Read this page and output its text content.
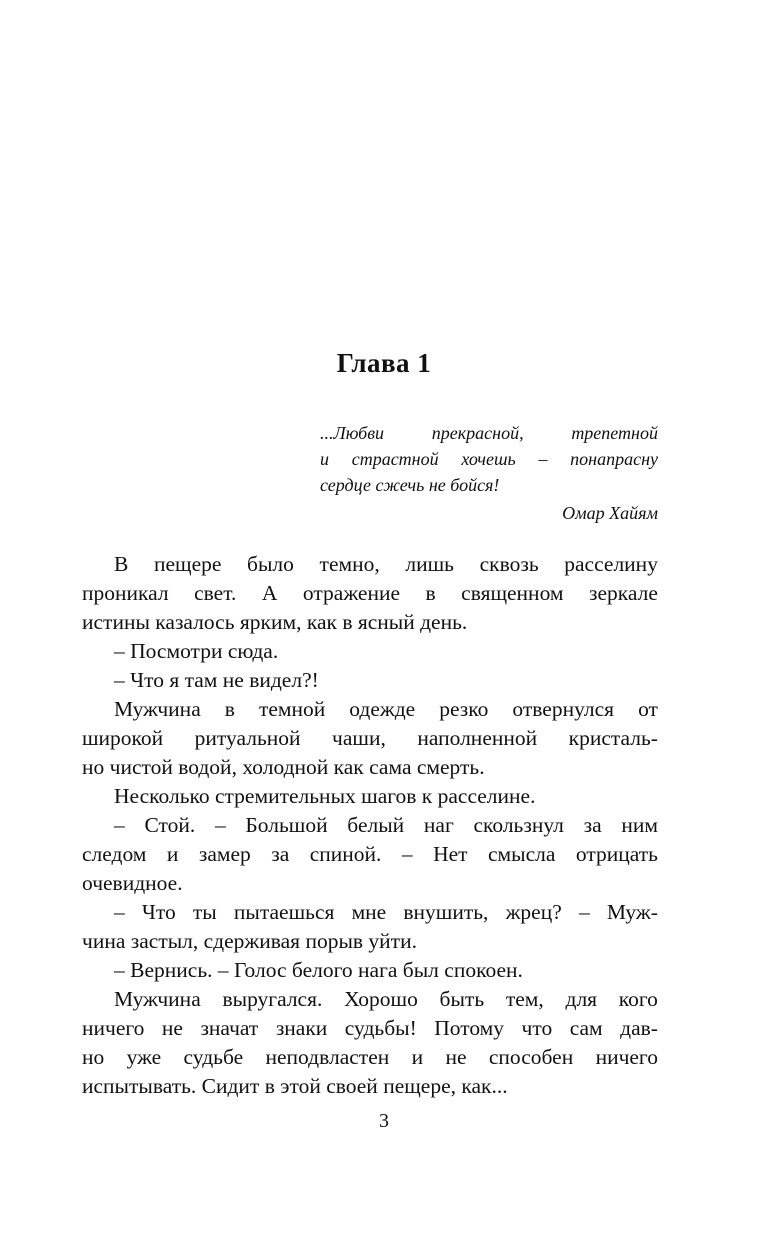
Глава 1
...Любви	прекрасной,	трепетной
и страстной хочешь – понапрасну
сердце сжечь не бойся!
Омар Хайям
В пещере было темно, лишь сквозь расселину
проникал свет. А отражение в священном зеркале
истины казалось ярким, как в ясный день.
– Посмотри сюда.
– Что я там не видел?!
Мужчина в темной одежде резко отвернулся от
широкой ритуальной чаши, наполненной кристаль-
но чистой водой, холодной как сама смерть.
Несколько стремительных шагов к расселине.
– Стой. – Большой белый наг скользнул за ним
следом и замер за спиной. – Нет смысла отрицать
очевидное.
– Что ты пытаешься мне внушить, жрец? – Муж-
чина застыл, сдерживая порыв уйти.
– Вернись. – Голос белого нага был спокоен.
Мужчина выругался. Хорошо быть тем, для кого
ничего не значат знаки судьбы! Потому что сам дав-
но уже судьбе неподвластен и не способен ничего
испытывать. Сидит в этой своей пещере, как...
3
